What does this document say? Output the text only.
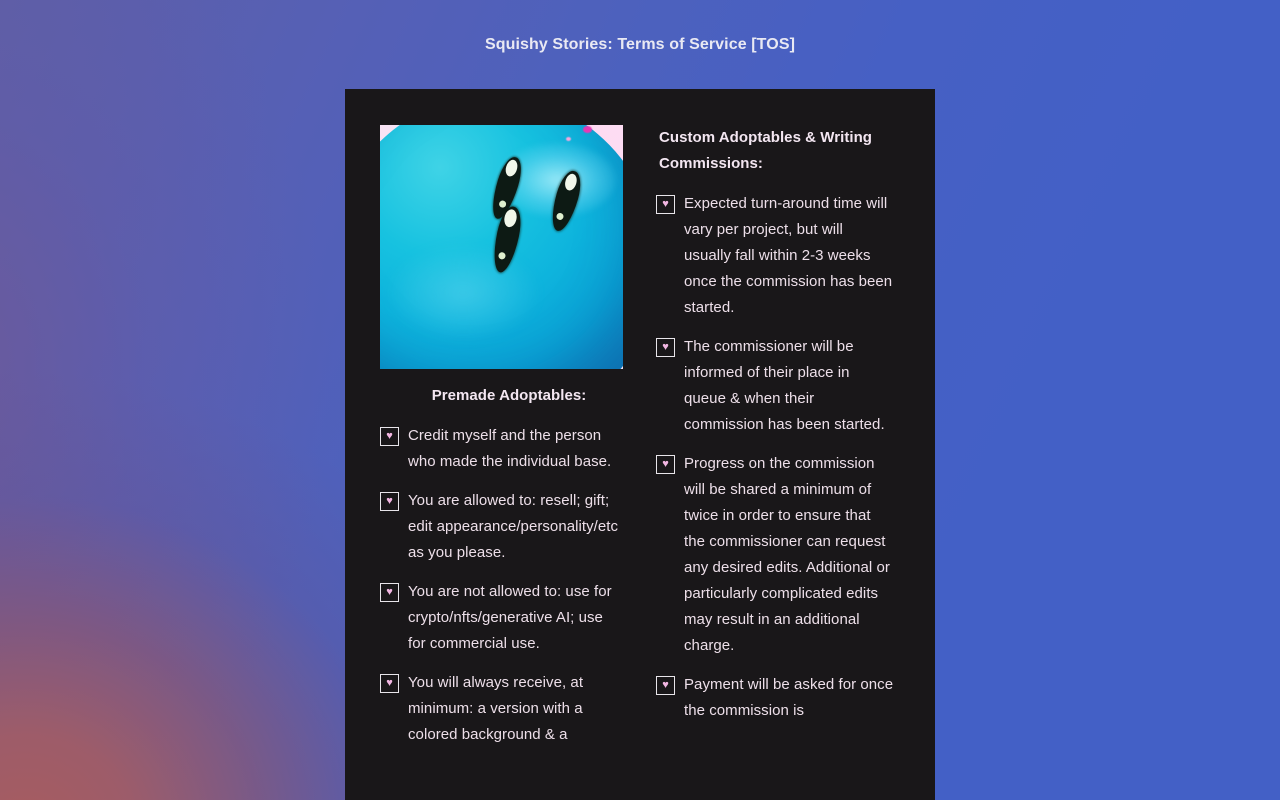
Squishy Stories: Terms of Service [TOS]
Premade Adoptables:
♥ Credit myself and the person who made the individual base.
♥ You are allowed to: resell; gift; edit appearance/personality/etc as you please.
♥ You are not allowed to: use for crypto/nfts/generative AI; use for commercial use.
♥ You will always receive, at minimum: a version with a colored background & a
Custom Adoptables & Writing Commissions:
♥ Expected turn-around time will vary per project, but will usually fall within 2-3 weeks once the commission has been started.
♥ The commissioner will be informed of their place in queue & when their commission has been started.
♥ Progress on the commission will be shared a minimum of twice in order to ensure that the commissioner can request any desired edits. Additional or particularly complicated edits may result in an additional charge.
♥ Payment will be asked for once the commission is
